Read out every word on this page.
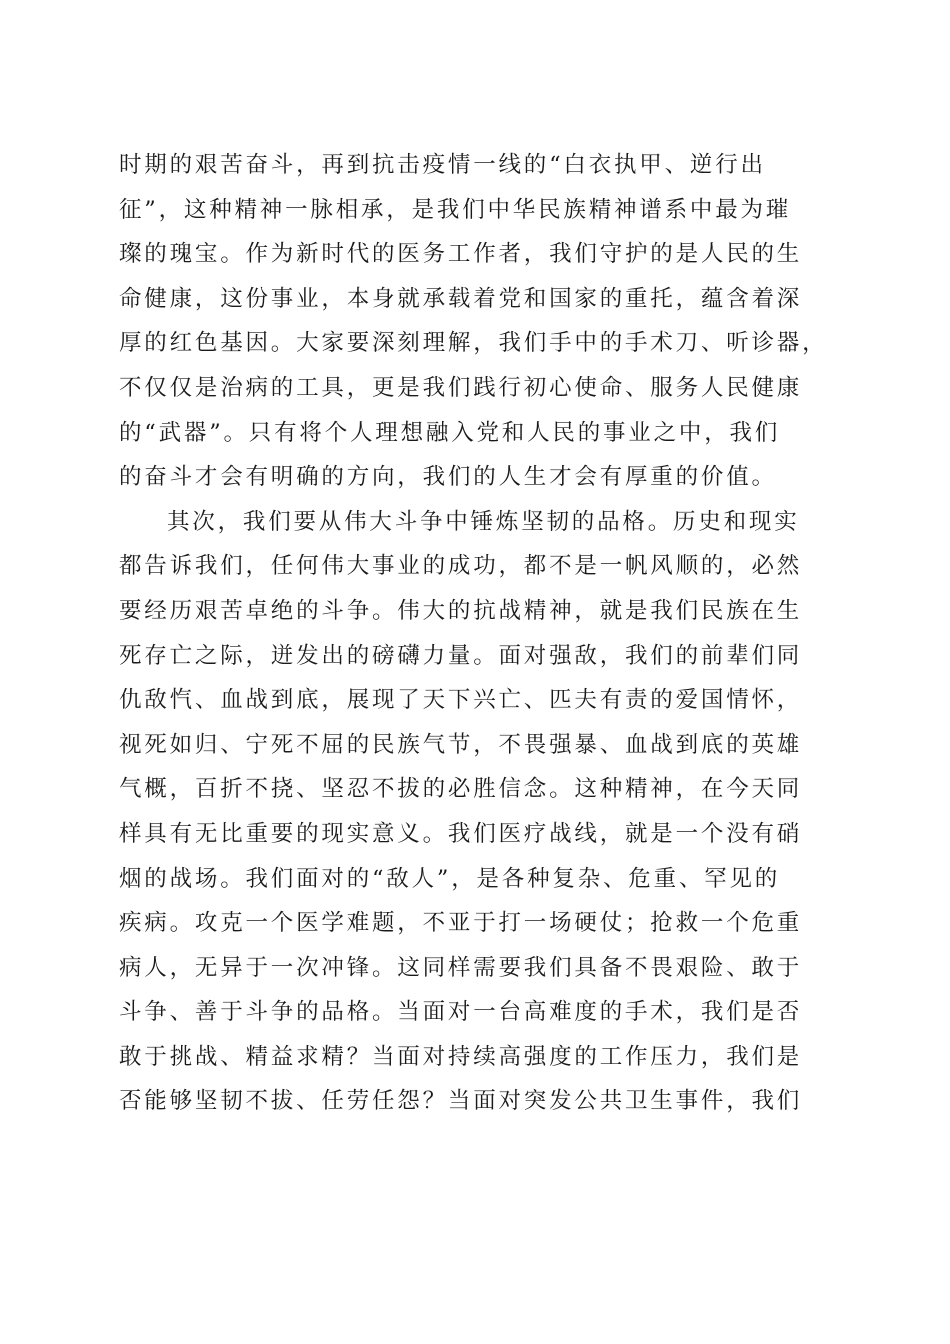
时期的艰苦奋斗，再到抗击疫情一线的“白衣执甲、逆行出
征”，这种精神一脉相承，是我们中华民族精神谱系中最为璀
璨的瑰宝。作为新时代的医务工作者，我们守护的是人民的生
命健康，这份事业，本身就承载着党和国家的重托，蕴含着深
厚的红色基因。大家要深刻理解，我们手中的手术刀、听诊器，
不仅仅是治病的工具，更是我们践行初心使命、服务人民健康
的“武器”。只有将个人理想融入党和人民的事业之中，我们
的奋斗才会有明确的方向，我们的人生才会有厚重的价值。
其次，我们要从伟大斗争中锤炼坚韧的品格。历史和现实
都告诉我们，任何伟大事业的成功，都不是一帆风顺的，必然
要经历艰苦卓绝的斗争。伟大的抗战精神，就是我们民族在生
死存亡之际，迸发出的磅礴力量。面对强敌，我们的前辈们同
仇敌忾、血战到底，展现了天下兴亡、匹夫有责的爱国情怀，
视死如归、宁死不屈的民族气节，不畏强暴、血战到底的英雄
气概，百折不挠、坚忍不拔的必胜信念。这种精神，在今天同
样具有无比重要的现实意义。我们医疗战线，就是一个没有硝
烟的战场。我们面对的“敌人”，是各种复杂、危重、罕见的
疾病。攻克一个医学难题，不亚于打一场硬仗；抢救一个危重
病人，无异于一次冲锋。这同样需要我们具备不畏艰险、敢于
斗争、善于斗争的品格。当面对一台高难度的手术，我们是否
敢于挑战、精益求精？当面对持续高强度的工作压力，我们是
否能够坚韧不拔、任劳任怨？当面对突发公共卫生事件，我们
